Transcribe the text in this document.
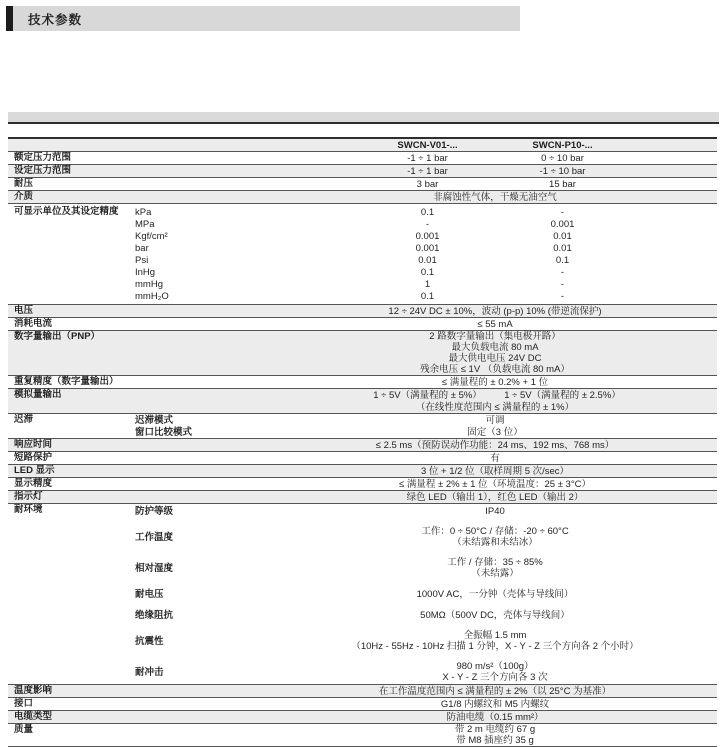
技术参数
SWCN-V01-...	SWCN-P10-...
额定压力范围	-1 ÷ 1 bar	0 ÷ 10 bar
设定压力范围	-1 ÷ 1 bar	-1 ÷ 10 bar
耐压	3 bar	15 bar
介质	非腐蚀性气体，干燥无油空气
可显示单位及其设定精度	kPa	0.1	-
MPa	-	0.001
Kgf/cm²	0.001	0.01
bar	0.001	0.01
Psi	0.01	0.1
InHg	0.1	-
mmHg	1	-
mmH₂O	0.1	-
电压	12 ÷ 24V DC ± 10%，波动 (p-p) 10% (带逆流保护)
消耗电流	≤ 55 mA
数字量输出（PNP）	2 路数字量输出（集电极开路）
最大负载电流 80 mA
最大供电电压 24V DC
残余电压 ≤ 1V （负载电流 80 mA）
重复精度（数字量输出）	≤ 满量程的 ± 0.2% + 1 位
模拟量输出	1 ÷ 5V（满量程的 ± 5%）	1 ÷ 5V（满量程的 ± 2.5%）
（在线性度范围内 ≤ 满量程的 ± 1%）
迟滞	迟滞模式	可调
窗口比较模式	固定（3 位）
响应时间	≤ 2.5 ms（预防误动作功能：24 ms、192 ms、768 ms）
短路保护	有
LED 显示	3 位 + 1/2 位（取样周期 5 次/sec）
显示精度	≤ 满量程 ± 2% ± 1 位（环境温度：25 ± 3°C）
指示灯	绿色 LED（输出 1），红色 LED（输出 2）
耐环境	防护等级	IP40
工作温度	工作：0 ÷ 50°C / 存储：-20 ÷ 60°C
（未结露和未结冰）
相对湿度	工作 / 存储：35 ÷ 85%
（未结露）
耐电压	1000V AC，一分钟（壳体与导线间）
绝缘阻抗	50MΩ（500V DC，壳体与导线间）
抗震性	全振幅 1.5 mm
（10Hz - 55Hz - 10Hz 扫描 1 分钟，X - Y - Z 三个方向各 2 个小时）
耐冲击	980 m/s²（100g）
X - Y - Z 三个方向各 3 次
温度影响	在工作温度范围内 ≤ 满量程的 ± 2%（以 25°C 为基准）
接口	G1/8 内螺纹和 M5 内螺纹
电缆类型	防油电缆（0.15 mm²）
质量	带 2 m 电缆约 67 g
带 M8 插座约 35 g
